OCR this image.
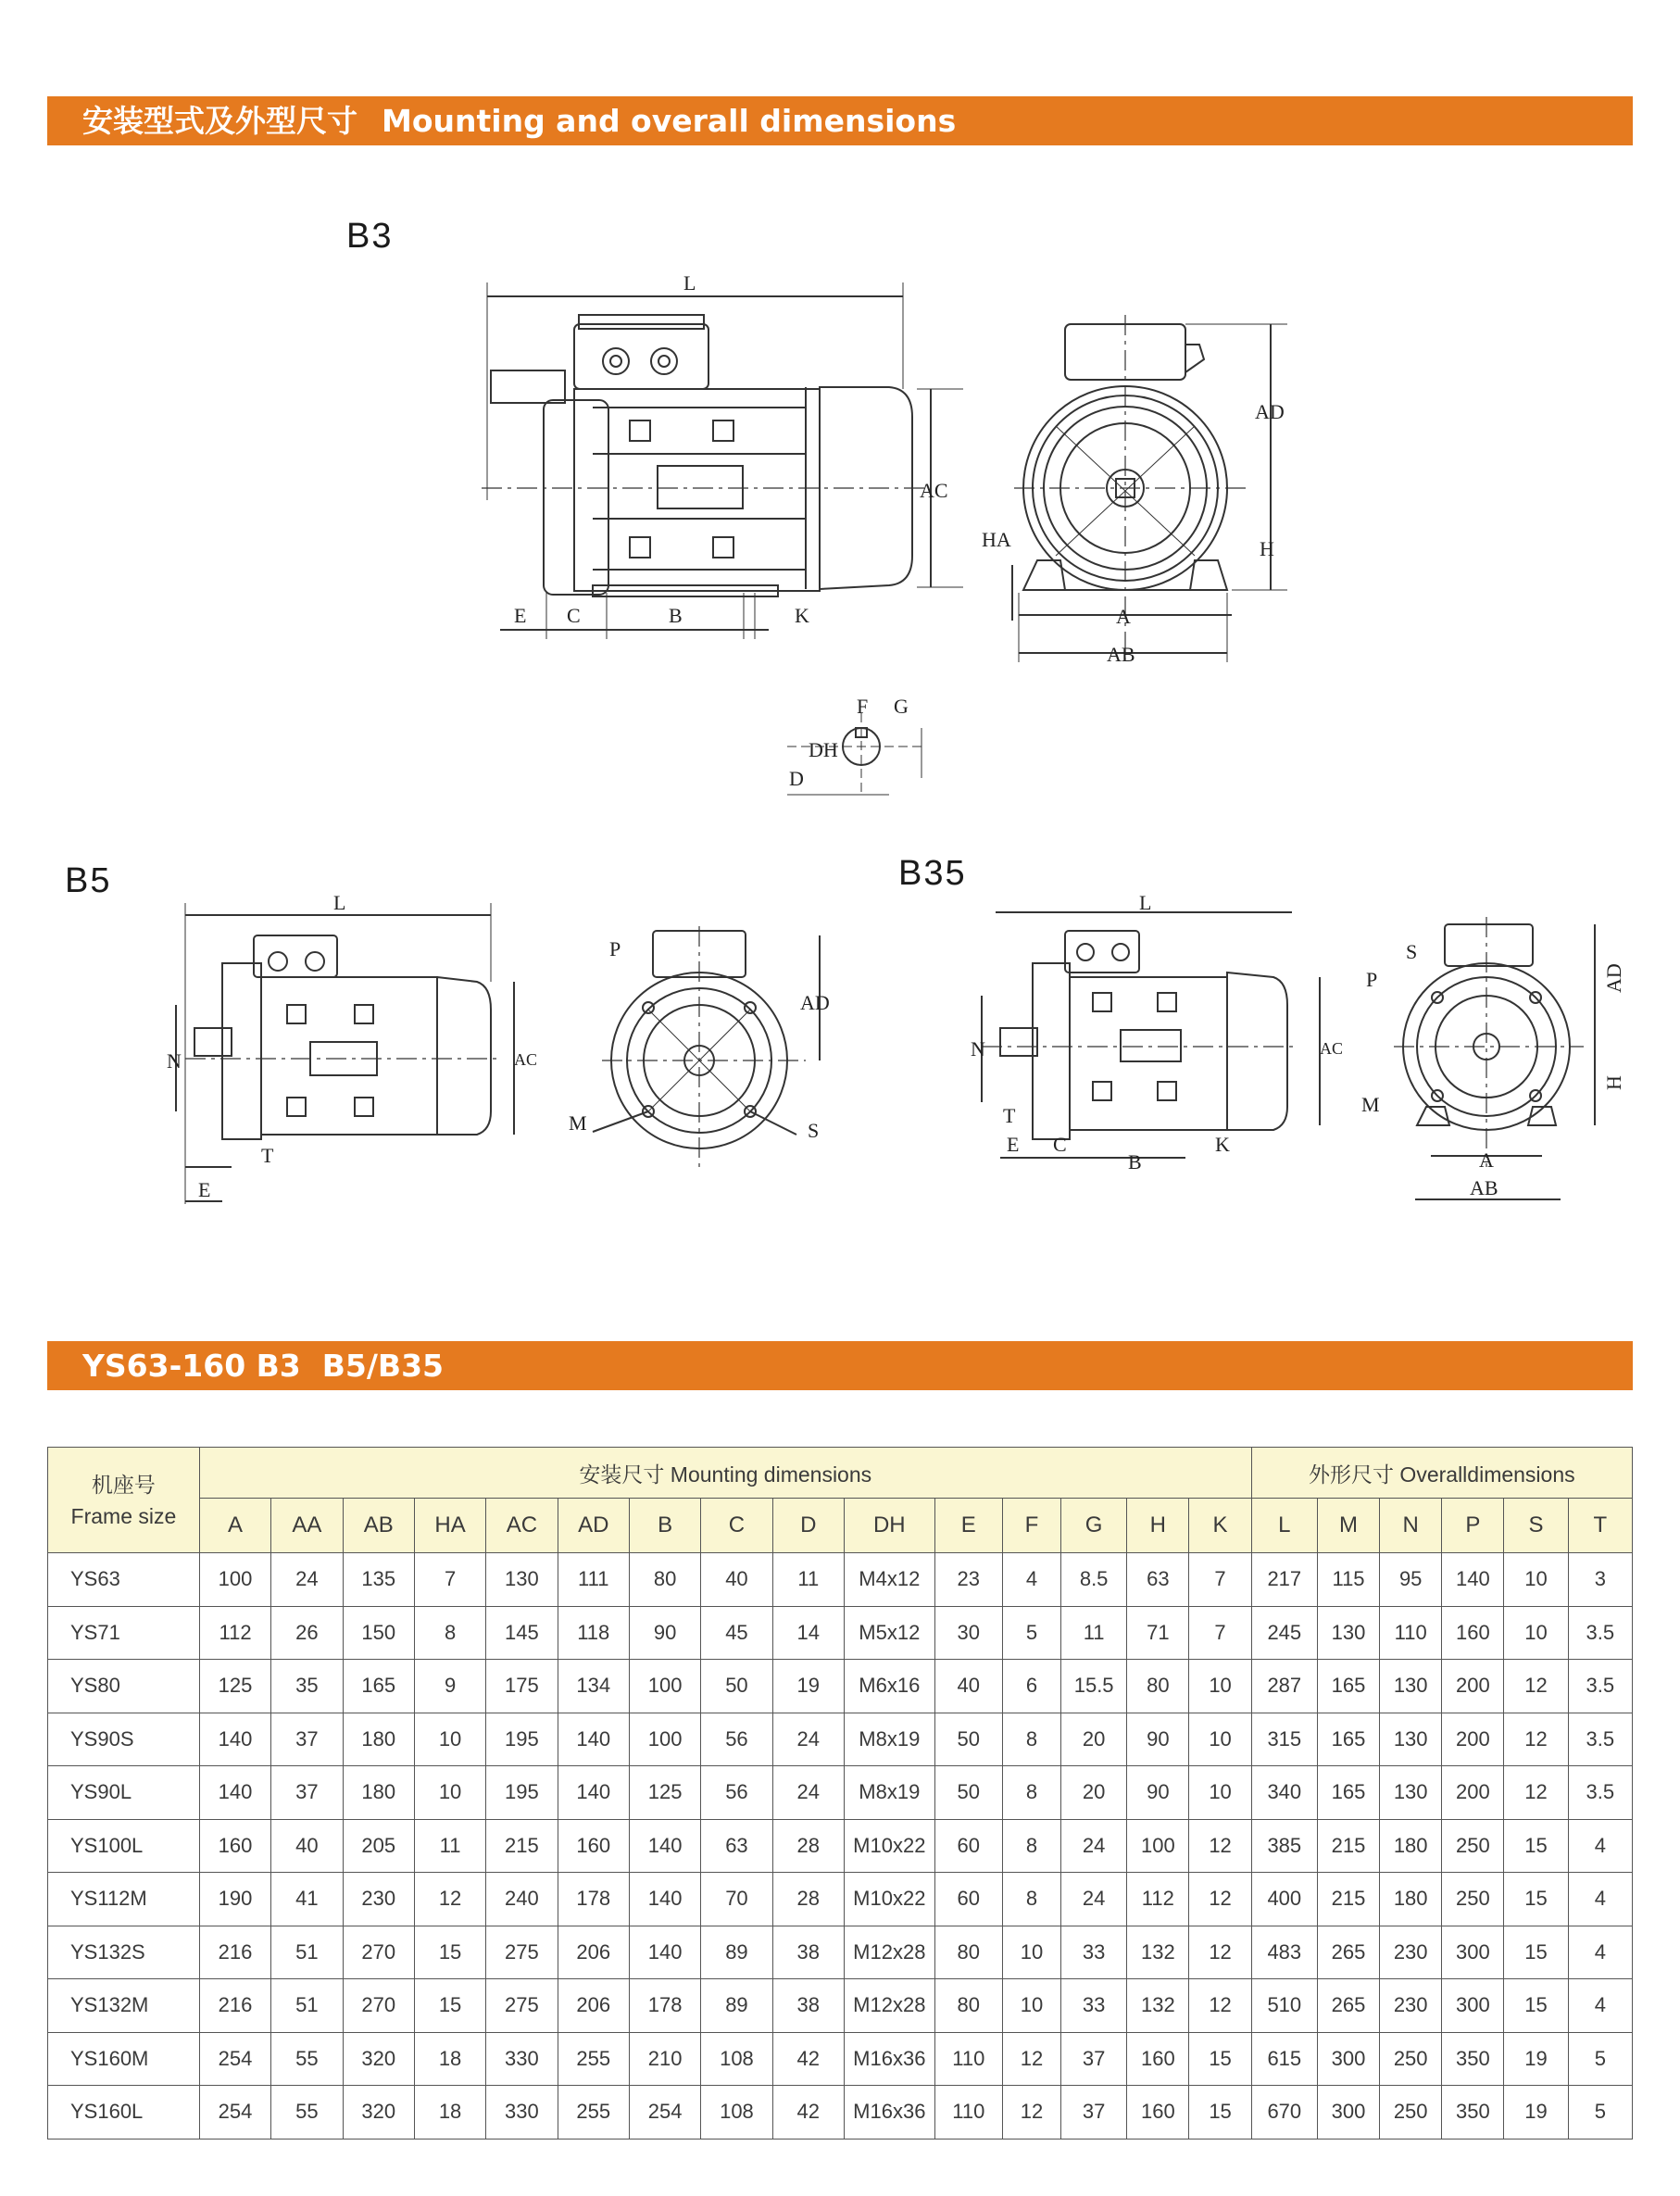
安装型式及外型尺寸 Mounting and overall dimensions
YS63-160 B3  B5/B35
B3
B5	B35
L
AC
E C	B	K
AD
H
HA
A
AB
F G
DH
D
L
N
T
E
AC
P
AD
M	S
L
N	AC
T
E C
B
K
S
P
M
AD
H
A
AB
机座号
Frame size	安装尺寸 Mounting dimensions															外形尺寸 Overalldimensions					
	A	AA	AB	HA	AC	AD	B	C	D	DH	E	F	G	H	K	L	M	N	P	S	T
YS63	100	24	135	7	130	111	80	40	11	M4x12	23	4	8.5	63	7	217	115	95	140	10	3
YS71	112	26	150	8	145	118	90	45	14	M5x12	30	5	11	71	7	245	130	110	160	10	3.5
YS80	125	35	165	9	175	134	100	50	19	M6x16	40	6	15.5	80	10	287	165	130	200	12	3.5
YS90S	140	37	180	10	195	140	100	56	24	M8x19	50	8	20	90	10	315	165	130	200	12	3.5
YS90L	140	37	180	10	195	140	125	56	24	M8x19	50	8	20	90	10	340	165	130	200	12	3.5
YS100L	160	40	205	11	215	160	140	63	28	M10x22	60	8	24	100	12	385	215	180	250	15	4
YS112M	190	41	230	12	240	178	140	70	28	M10x22	60	8	24	112	12	400	215	180	250	15	4
YS132S	216	51	270	15	275	206	140	89	38	M12x28	80	10	33	132	12	483	265	230	300	15	4
YS132M	216	51	270	15	275	206	178	89	38	M12x28	80	10	33	132	12	510	265	230	300	15	4
YS160M	254	55	320	18	330	255	210	108	42	M16x36	110	12	37	160	15	615	300	250	350	19	5
YS160L	254	55	320	18	330	255	254	108	42	M16x36	110	12	37	160	15	670	300	250	350	19	5
